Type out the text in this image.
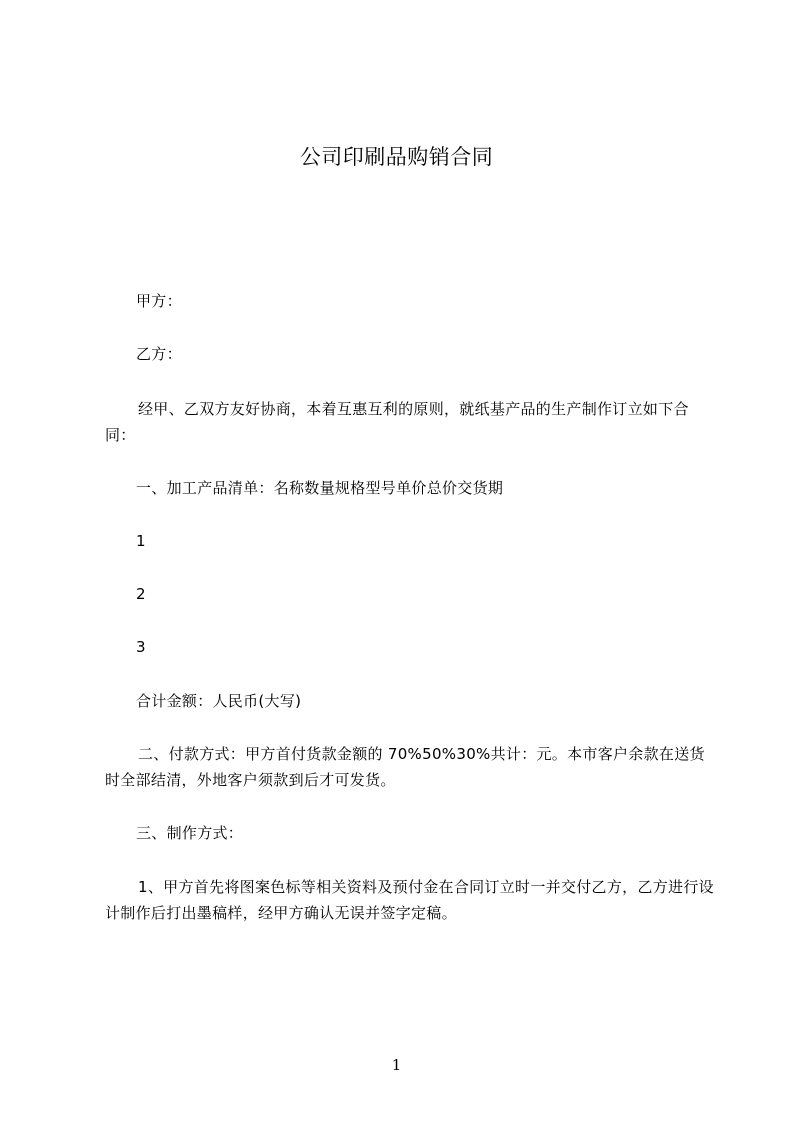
公司印刷品购销合同
甲方：
乙方：
经甲、乙双方友好协商，本着互惠互利的原则，就纸基产品的生产制作订立如下合同：
一、加工产品清单：名称数量规格型号单价总价交货期
1
2
3
合计金额：人民币(大写)
二、付款方式：甲方首付货款金额的 70%50%30%共计：元。本市客户余款在送货时全部结清，外地客户须款到后才可发货。
三、制作方式：
1、甲方首先将图案色标等相关资料及预付金在合同订立时一并交付乙方，乙方进行设计制作后打出墨稿样，经甲方确认无误并签字定稿。
1
